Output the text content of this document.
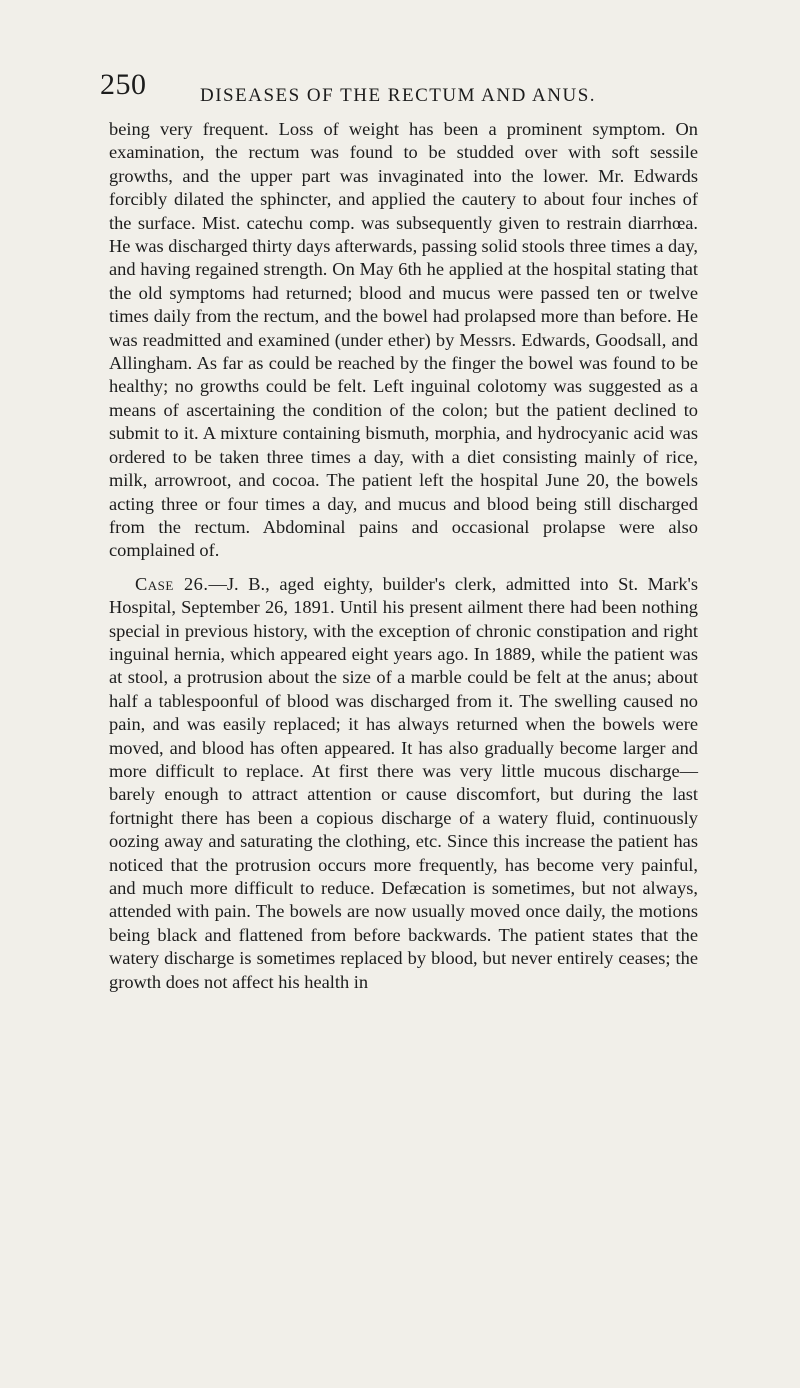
250	DISEASES OF THE RECTUM AND ANUS.

being very frequent. Loss of weight has been a prominent symptom. On examination, the rectum was found to be studded over with soft sessile growths, and the upper part was invaginated into the lower. Mr. Edwards forcibly dilated the sphincter, and applied the cautery to about four inches of the surface. Mist. catechu comp. was subsequently given to restrain diarrhœa. He was discharged thirty days afterwards, passing solid stools three times a day, and having regained strength. On May 6th he applied at the hospital stating that the old symptoms had returned; blood and mucus were passed ten or twelve times daily from the rectum, and the bowel had prolapsed more than before. He was readmitted and examined (under ether) by Messrs. Edwards, Goodsall, and Allingham. As far as could be reached by the finger the bowel was found to be healthy; no growths could be felt. Left inguinal colotomy was suggested as a means of ascertaining the condition of the colon; but the patient declined to submit to it. A mixture containing bismuth, morphia, and hydrocyanic acid was ordered to be taken three times a day, with a diet consisting mainly of rice, milk, arrowroot, and cocoa. The patient left the hospital June 20, the bowels acting three or four times a day, and mucus and blood being still discharged from the rectum. Abdominal pains and occasional prolapse were also complained of.

Case 26.—J. B., aged eighty, builder's clerk, admitted into St. Mark's Hospital, September 26, 1891. Until his present ailment there had been nothing special in previous history, with the exception of chronic constipation and right inguinal hernia, which appeared eight years ago. In 1889, while the patient was at stool, a protrusion about the size of a marble could be felt at the anus; about half a tablespoonful of blood was discharged from it. The swelling caused no pain, and was easily replaced; it has always returned when the bowels were moved, and blood has often appeared. It has also gradually become larger and more difficult to replace. At first there was very little mucous discharge—barely enough to attract attention or cause discomfort, but during the last fortnight there has been a copious discharge of a watery fluid, continuously oozing away and saturating the clothing, etc. Since this increase the patient has noticed that the protrusion occurs more frequently, has become very painful, and much more difficult to reduce. Defæcation is sometimes, but not always, attended with pain. The bowels are now usually moved once daily, the motions being black and flattened from before backwards. The patient states that the watery discharge is sometimes replaced by blood, but never entirely ceases; the growth does not affect his health in
